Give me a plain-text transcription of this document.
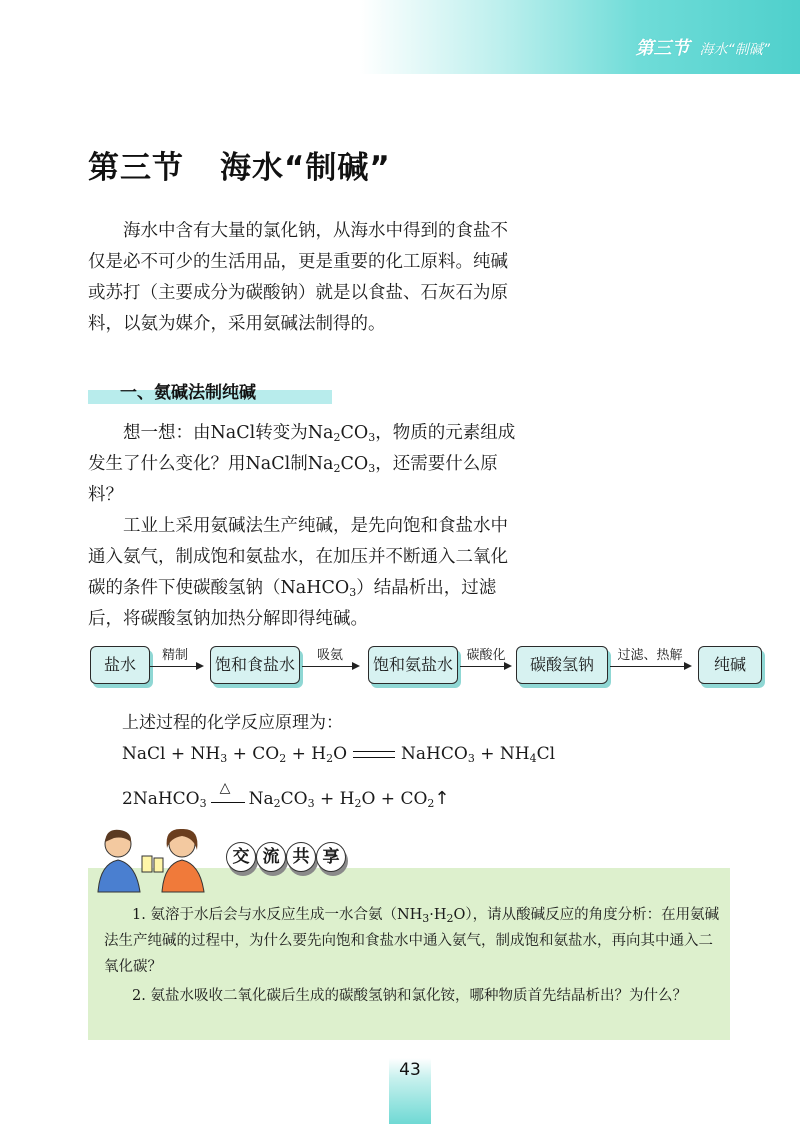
第三节 海水“制碱”
第三节 海水“制碱”

海水中含有大量的氯化钠，从海水中得到的食盐不仅是必不可少的生活用品，更是重要的化工原料。纯碱或苏打（主要成分为碳酸钠）就是以食盐、石灰石为原料，以氨为媒介，采用氨碱法制得的。

一、氨碱法制纯碱

想一想：由NaCl转变为$Na_2CO_3$，物质的元素组成发生了什么变化？用NaCl制$Na_2CO_3$，还需要什么原料？

工业上采用氨碱法生产纯碱，是先向饱和食盐水中通入氨气，制成饱和氨盐水，在加压并不断通入二氧化碳的条件下使碳酸氢钠（NaHCO$_3$）结晶析出，过滤后，将碳酸氢钠加热分解即得纯碱。

盐水	精制	饱和食盐水	吸氨	饱和氨盐水	碳酸化	碳酸氢钠	过滤、热解	纯碱
上述过程的化学反应原理为：
NaCl + $NH_3 + CO_2 + H_2O$	NaHCO$_3$ + $NH_4Cl$
2NaHCO$_3$
△
$Na_2CO_3 + H_2O$ + $CO_2↑$
交 流 共 享

1. 氨溶于水后会与水反应生成一水合氨$(NH_3\cdot H_2O)$，请从酸碱反应的角度分析：在用氨碱法生产纯碱的过程中，为什么要先向饱和食盐水中通入氨气，制成饱和氨盐水，再向其中通入二氧化碳？

2. 氨盐水吸收二氧化碳后生成的碳酸氢钠和氯化铵，哪种物质首先结晶析出？为什么？

43
